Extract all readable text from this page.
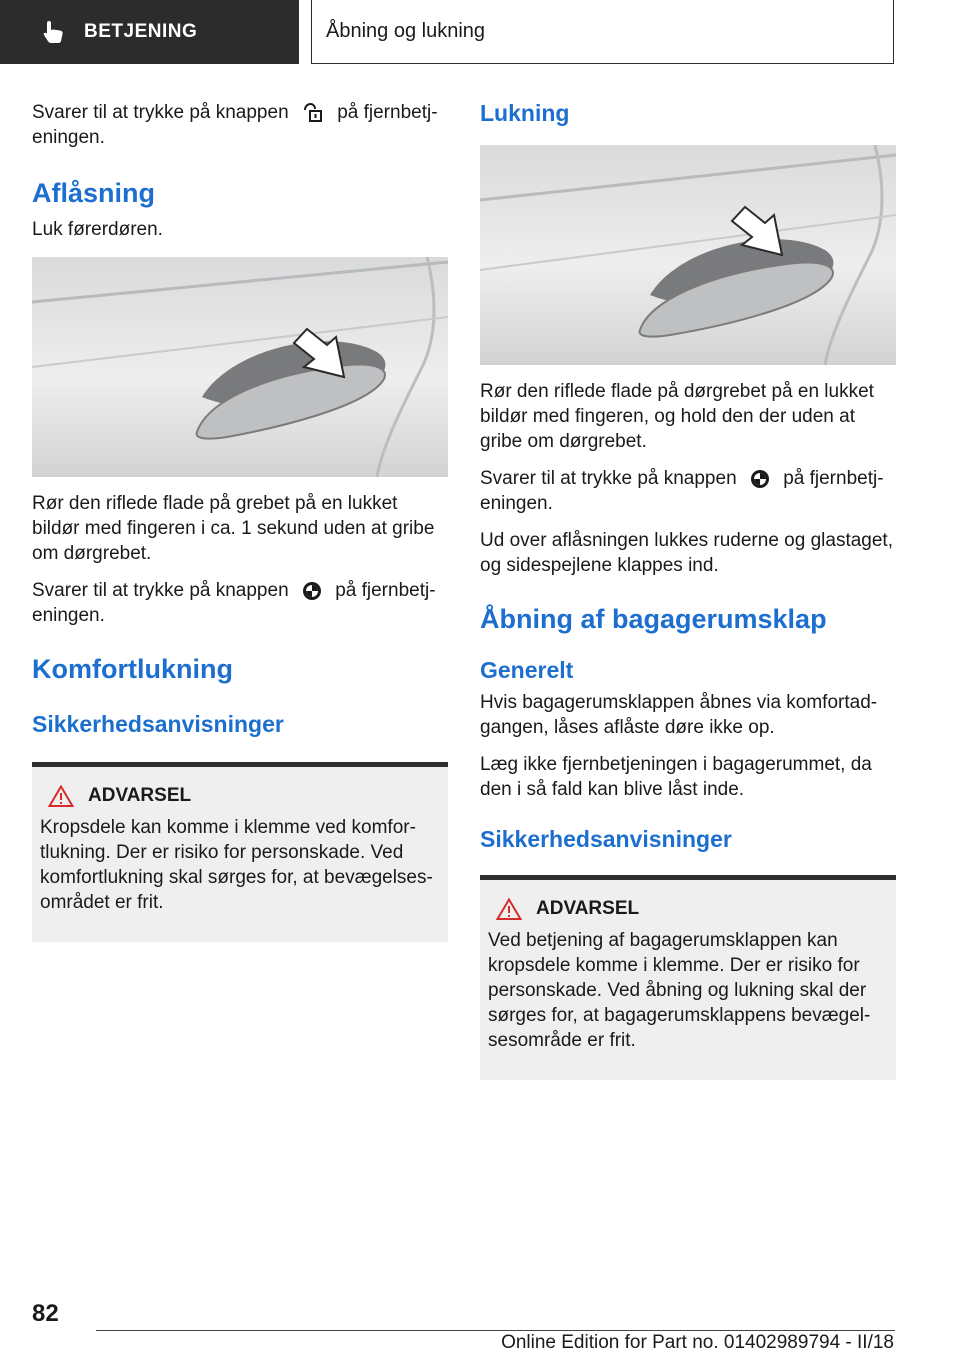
BETJENING	Åbning og lukning

Svarer til at trykke på knappen	på fjernbetj‐ eningen.

Aflåsning

Luk førerdøren.

Rør den riflede flade på grebet på en lukket bildør med fingeren i ca. 1 sekund uden at gribe om dørgrebet.

Svarer til at trykke på knappen på fjernbetj‐ eningen.

Komfortlukning
Sikkerhedsanvisninger
ADVARSEL

Kropsdele kan komme i klemme ved komfor‐ tlukning. Der er risiko for personskade. Ved komfortlukning skal sørges for, at bevægelses‐ området er frit.

Lukning

Rør den riflede flade på dørgrebet på en lukket bildør med fingeren, og hold den der uden at gribe om dørgrebet.

Svarer til at trykke på knappen på fjernbetj‐ eningen.

Ud over aflåsningen lukkes ruderne og glastaget, og sidespejlene klappes ind.

Åbning af bagagerumsklap
Generelt

Hvis bagagerumsklappen åbnes via komfortad‐ gangen, låses aflåste døre ikke op.

Læg ikke fjernbetjeningen i bagagerummet, da den i så fald kan blive låst inde.

Sikkerhedsanvisninger
ADVARSEL

Ved betjening af bagagerumsklappen kan kropsdele komme i klemme. Der er risiko for personskade. Ved åbning og lukning skal der sørges for, at bagagerumsklappens bevægel‐ sesområde er frit.

82
Online Edition for Part no. 01402989794 - II/18
